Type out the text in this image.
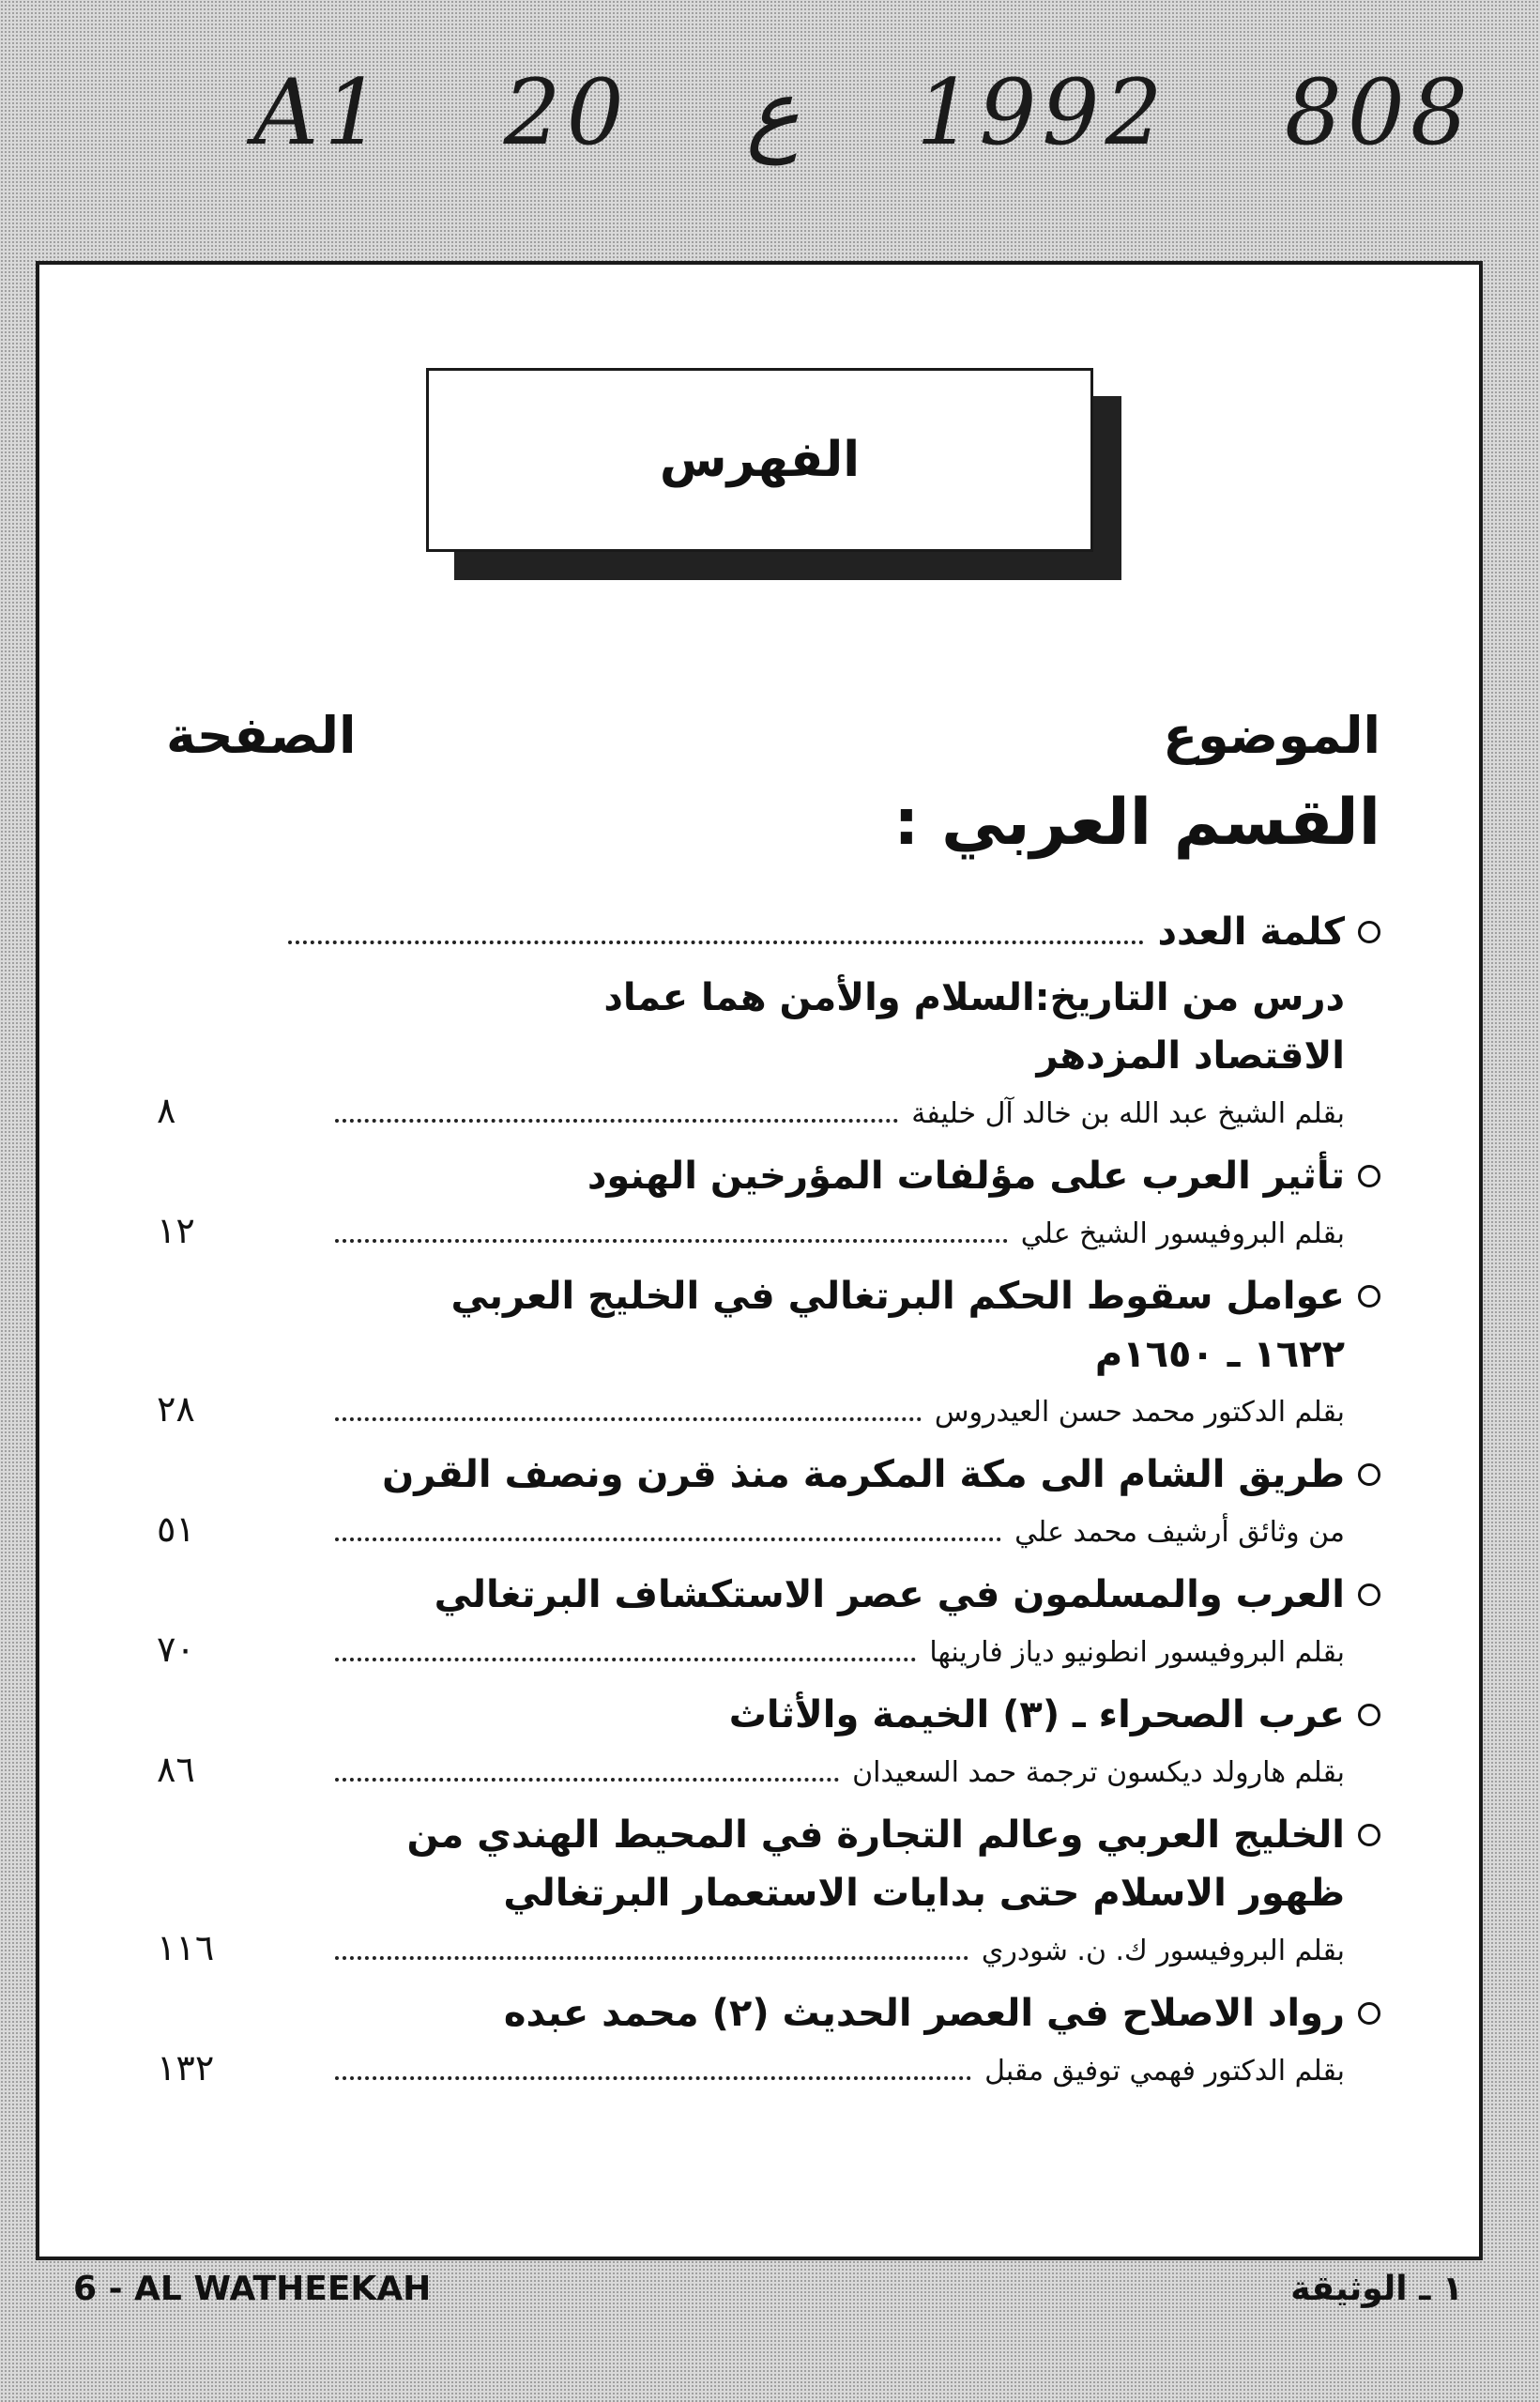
A1 20 ع 1992 808
الفهرس
الموضوع
الصفحة
القسم العربي :
كلمة العدد
درس من التاريخ:السلام والأمن هما عماد
الاقتصاد المزدهر
بقلم الشيخ عبد الله بن خالد آل خليفة
٨
تأثير العرب على مؤلفات المؤرخين الهنود
بقلم البروفيسور الشيخ علي
١٢
عوامل سقوط الحكم البرتغالي في الخليج العربي
١٦٢٢ ـ ١٦٥٠م
بقلم الدكتور محمد حسن العيدروس
٢٨
طريق الشام الى مكة المكرمة منذ قرن ونصف القرن
من وثائق أرشيف محمد علي
٥١
العرب والمسلمون في عصر الاستكشاف البرتغالي
بقلم البروفيسور انطونيو دياز فارينها
٧٠
عرب الصحراء ـ (٣) الخيمة والأثاث
بقلم هارولد ديكسون ترجمة حمد السعيدان
٨٦
الخليج العربي وعالم التجارة في المحيط الهندي من
ظهور الاسلام حتى بدايات الاستعمار البرتغالي
بقلم البروفيسور ك. ن. شودري
١١٦
رواد الاصلاح في العصر الحديث (٢) محمد عبده
بقلم الدكتور فهمي توفيق مقبل
١٣٢
6 - AL WATHEEKAH	١ ـ الوثيقة
